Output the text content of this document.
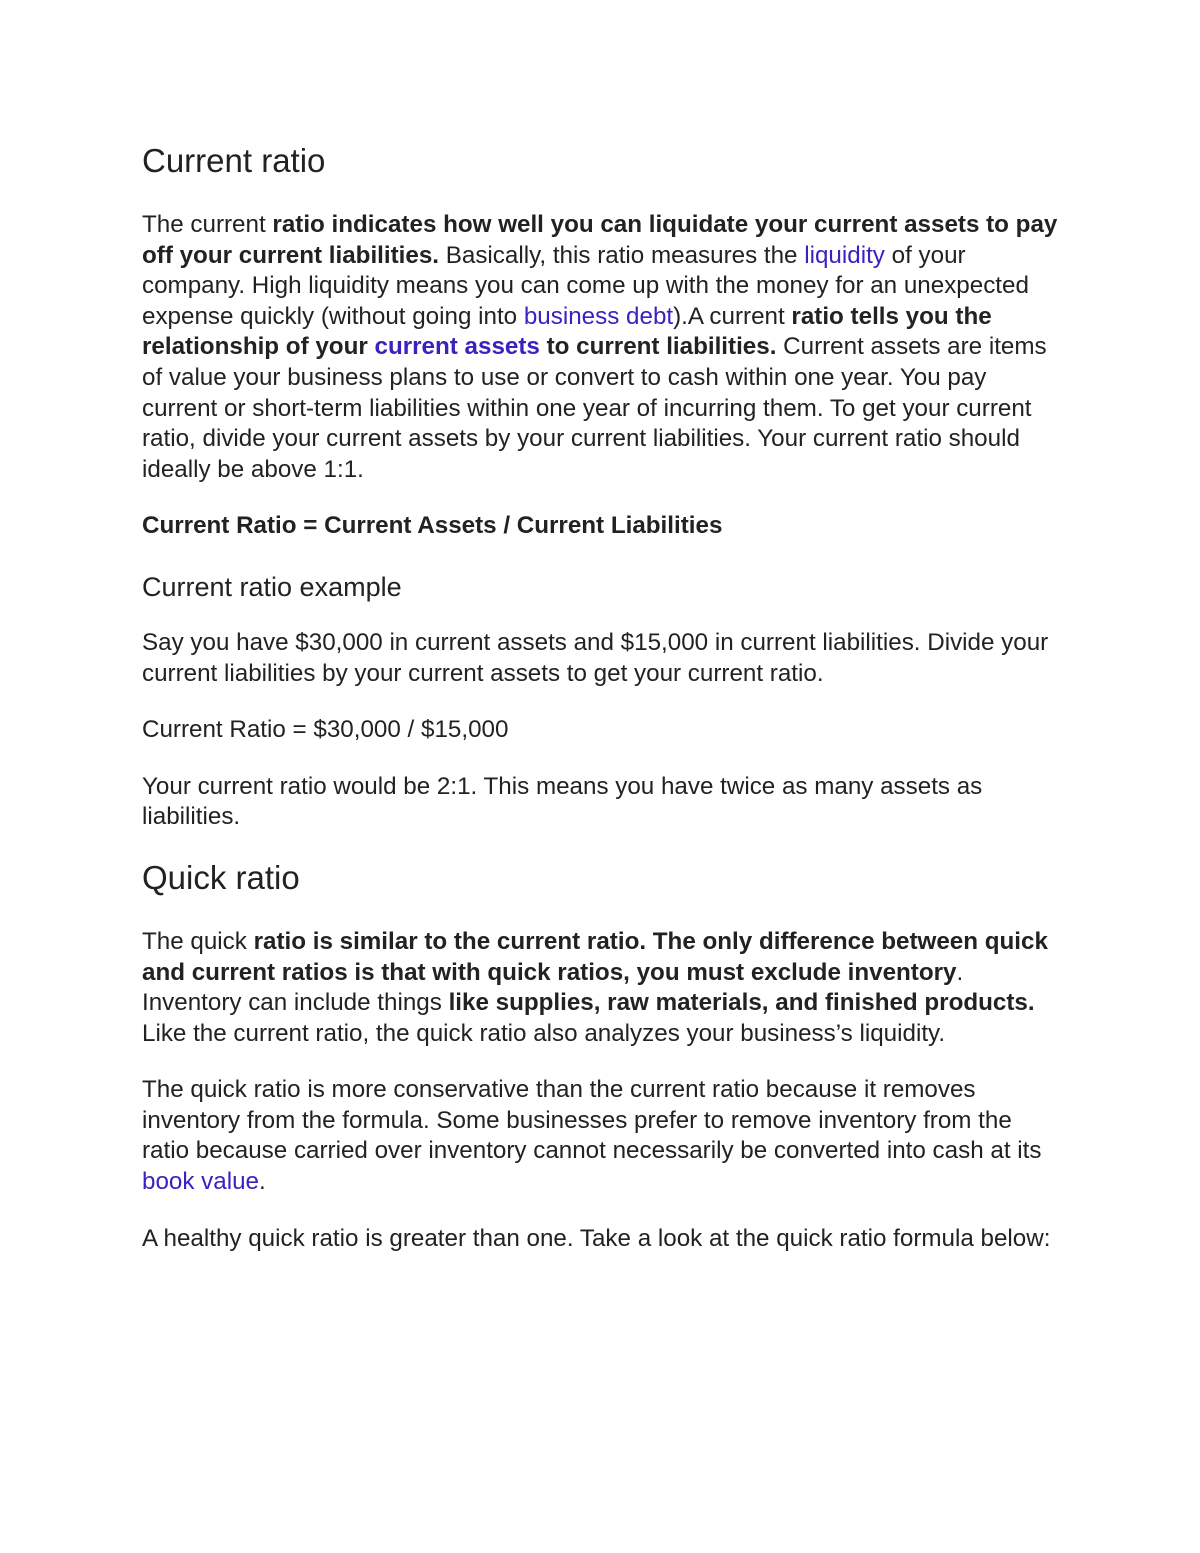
Current ratio

The current ratio indicates how well you can liquidate your current assets to pay off your current liabilities. Basically, this ratio measures the liquidity of your company. High liquidity means you can come up with the money for an unexpected expense quickly (without going into business debt).A current ratio tells you the relationship of your current assets to current liabilities. Current assets are items of value your business plans to use or convert to cash within one year. You pay current or short-term liabilities within one year of incurring them. To get your current ratio, divide your current assets by your current liabilities. Your current ratio should ideally be above 1:1.

Current Ratio = Current Assets / Current Liabilities

Current ratio example

Say you have $30,000 in current assets and $15,000 in current liabilities. Divide your current liabilities by your current assets to get your current ratio.

Current Ratio = $30,000 / $15,000

Your current ratio would be 2:1. This means you have twice as many assets as liabilities.

Quick ratio

The quick ratio is similar to the current ratio. The only difference between quick and current ratios is that with quick ratios, you must exclude inventory. Inventory can include things like supplies, raw materials, and finished products. Like the current ratio, the quick ratio also analyzes your business’s liquidity.

The quick ratio is more conservative than the current ratio because it removes inventory from the formula. Some businesses prefer to remove inventory from the ratio because carried over inventory cannot necessarily be converted into cash at its book value.

A healthy quick ratio is greater than one. Take a look at the quick ratio formula below:
